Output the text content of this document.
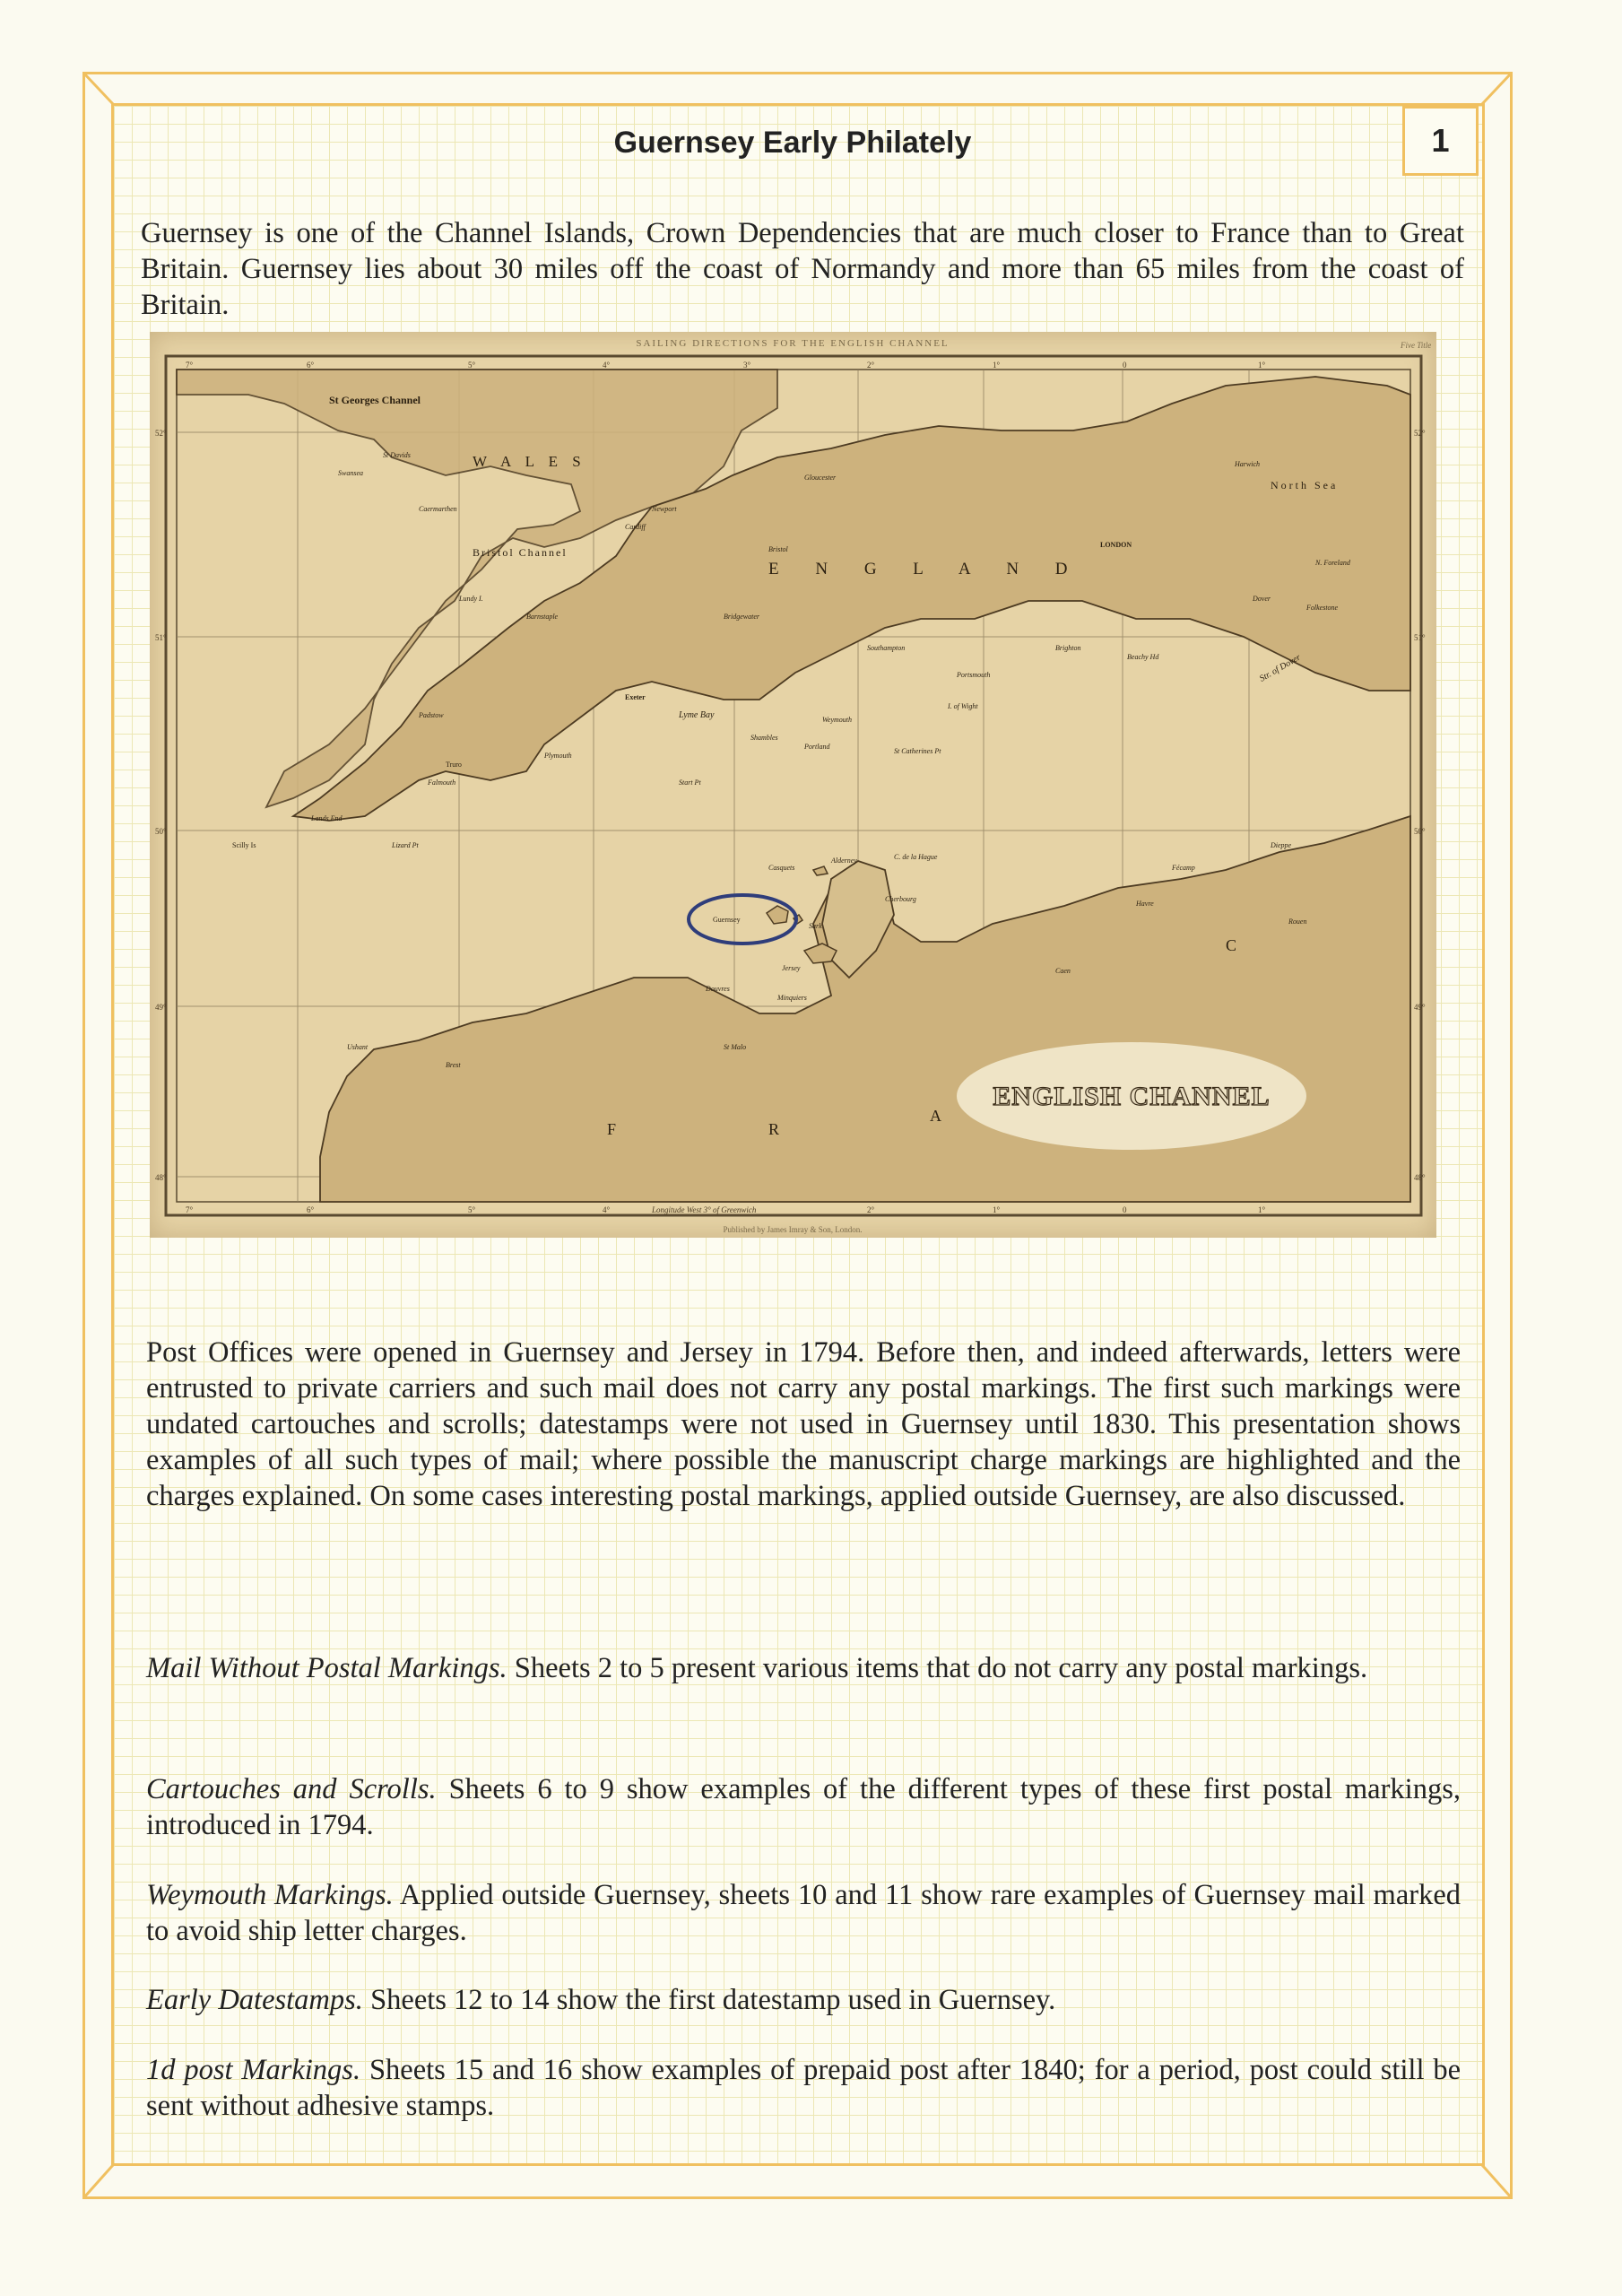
1
Guernsey Early Philately

Guernsey is one of the Channel Islands, Crown Dependencies that are much closer to France than to Great Britain. Guernsey lies about 30 miles off the coast of Normandy and more than 65 miles from the coast of Britain.

SAILING DIRECTIONS FOR THE ENGLISH CHANNEL	Five Title
Published by James Imray & Son, London.
7°	6°	5°	4°	3°	2°	1°	0	1°
7°	6°	5°	4°	2°	1°	0	1°
Longitude West 3° of Greenwich
52°
51°
50°
49°
48°
52°
51°
50°
49°
48°
W A L E S
E N G L A N D
F	R
A
C
St Georges Channel
Bristol Channel
North Sea
Lyme Bay
Str. of Dover
Guernsey
Jersey
Alderney
Cherbourg
C. de la Hague
Casquets
Sark
Minquiers
Douvres
Havre
Dieppe
Fécamp
Rouen
Caen
St Malo
Brest
Ushant
LONDON
Bristol
Gloucester
Exeter
Plymouth
Falmouth
Truro
Lands End
Scilly Is	Lizard Pt
Start Pt
Portland
Weymouth
Southampton
Portsmouth
Brighton
Beachy Hd
Dover
Folkestone
N. Foreland
Harwich
Swansea
Cardiff
Newport
Bridgewater
Lundy I.
Barnstaple
Padstow
St Davids
Caermarthen
I. of Wight
St Catherines Pt
Shambles
ENGLISH CHANNEL

Post Offices were opened in Guernsey and Jersey in 1794. Before then, and indeed afterwards, letters were entrusted to private carriers and such mail does not carry any postal markings. The first such markings were undated cartouches and scrolls; datestamps were not used in Guernsey until 1830. This presentation shows examples of all such types of mail; where possible the manuscript charge markings are highlighted and the charges explained. On some cases interesting postal markings, applied outside Guernsey, are also discussed.

Mail Without Postal Markings. Sheets 2 to 5 present various items that do not carry any postal markings.

Cartouches and Scrolls. Sheets 6 to 9 show examples of the different types of these first postal markings, introduced in 1794.

Weymouth Markings. Applied outside Guernsey, sheets 10 and 11 show rare examples of Guernsey mail marked to avoid ship letter charges.

Early Datestamps. Sheets 12 to 14 show the first datestamp used in Guernsey.

1d post Markings. Sheets 15 and 16 show examples of prepaid post after 1840; for a period, post could still be sent without adhesive stamps.
